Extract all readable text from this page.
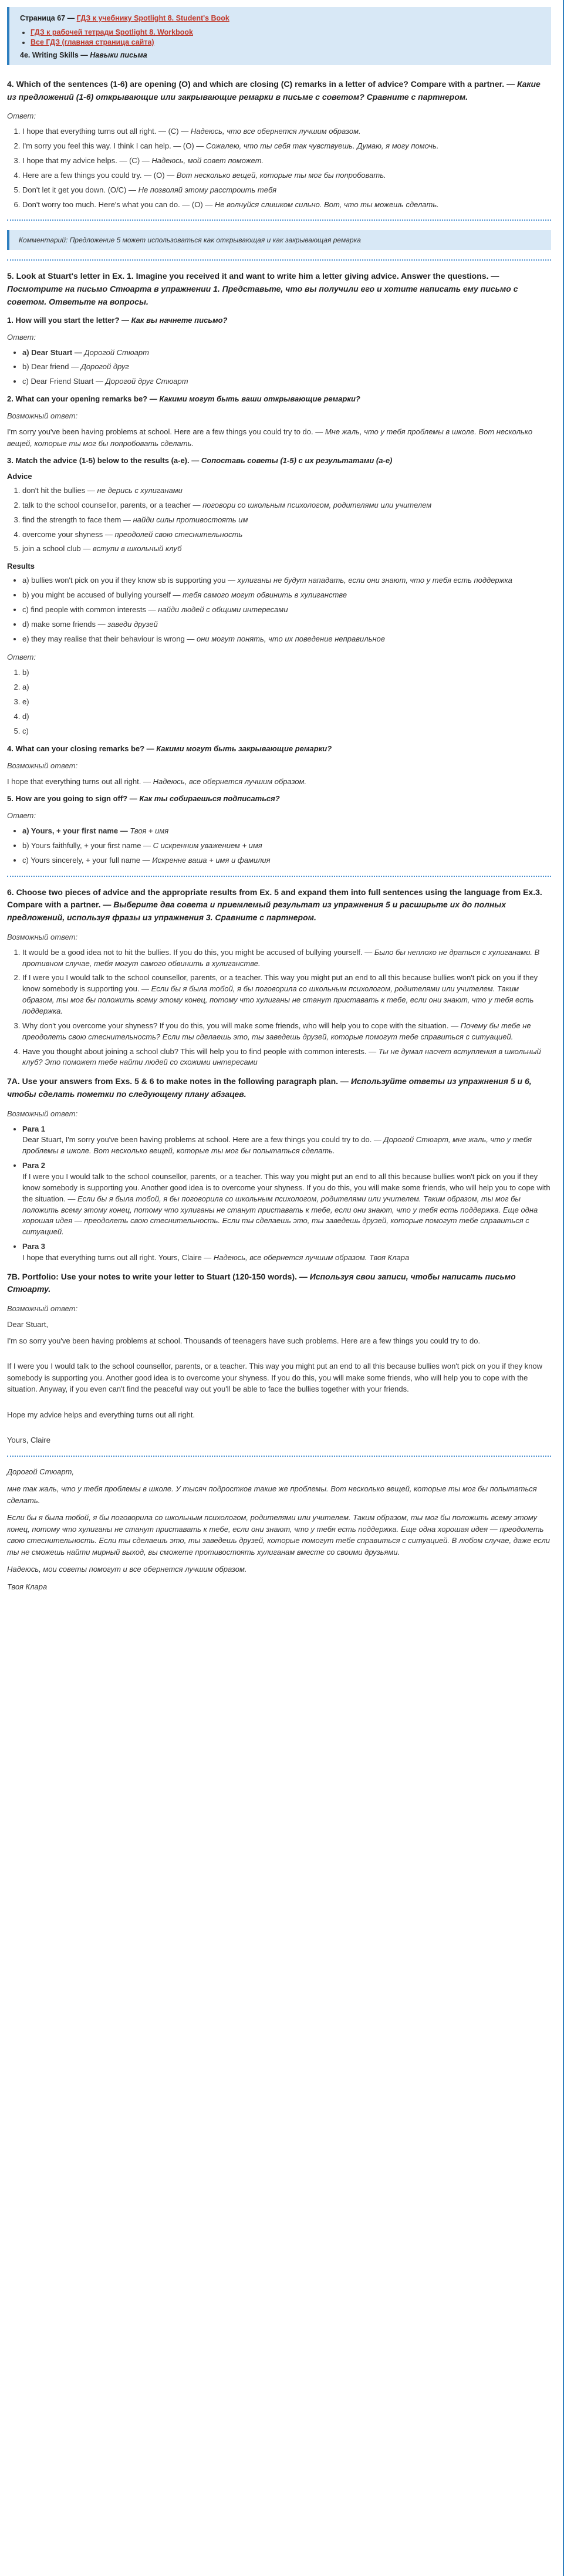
Страница 67 — ГДЗ к учебнику Spotlight 8. Student's Book
• ГДЗ к рабочей тетради Spotlight 8. Workbook
• Все ГДЗ (главная страница сайта)
4e. Writing Skills — Навыки письма
4. Which of the sentences (1-6) are opening (O) and which are closing (C) remarks in a letter of advice? Compare with a partner. — Какие из предложений (1-6) открывающие или закрывающие ремарки в письме с советом? Сравните с партнером.
Ответ:
1. I hope that everything turns out all right. — (C) — Надеюсь, что все обернется лучшим образом.
2. I'm sorry you feel this way. I think I can help. — (O) — Сожалею, что ты себя так чувствуешь. Думаю, я могу помочь.
3. I hope that my advice helps. — (C) — Надеюсь, мой совет поможет.
4. Here are a few things you could try. — (O) — Вот несколько вещей, которые ты мог бы попробовать.
5. Don't let it get you down. (O/C) — Не позволяй этому расстроить тебя
6. Don't worry too much. Here's what you can do. — (O) — Не волнуйся слишком сильно. Вот, что ты можешь сделать.
Комментарий: Предложение 5 может использоваться как открывающая и как закрывающая ремарка
5. Look at Stuart's letter in Ex. 1. Imagine you received it and want to write him a letter giving advice. Answer the questions. — Посмотрите на письмо Стюарта в упражнении 1. Представьте, что вы получили его и хотите написать ему письмо с советом. Ответьте на вопросы.
1. How will you start the letter? — Как вы начнете письмо?
Ответ:
• a) Dear Stuart — Дорогой Стюарт
• b) Dear friend — Дорогой друг
• c) Dear Friend Stuart — Дорогой друг Стюарт
2. What can your opening remarks be? — Какими могут быть ваши открывающие ремарки?
Возможный ответ:
I'm sorry you've been having problems at school. Here are a few things you could try to do. — Мне жаль, что у тебя проблемы в школе. Вот несколько вещей, которые ты мог бы попробовать сделать.
3. Match the advice (1-5) below to the results (a-e). — Сопоставь советы (1-5) с их результатами (a-e)
Advice
1. don't hit the bullies — не дерись с хулиганами
2. talk to the school counsellor, parents, or a teacher — поговори со школьным психологом, родителями или учителем
3. find the strength to face them — найди силы противостоять им
4. overcome your shyness — преодолей свою стеснительность
5. join a school club — вступи в школьный клуб
Results
• a) bullies won't pick on you if they know sb is supporting you — хулиганы не будут нападать, если они знают, что у тебя есть поддержка
• b) you might be accused of bullying yourself — тебя самого могут обвинить в хулиганстве
• c) find people with common interests — найди людей с общими интересами
• d) make some friends — заведи друзей
• e) they may realise that their behaviour is wrong — они могут понять, что их поведение неправильное
Ответ:
1. b)
2. a)
3. e)
4. d)
5. c)
4. What can your closing remarks be? — Какими могут быть закрывающие ремарки?
Возможный ответ:
I hope that everything turns out all right. — Надеюсь, все обернется лучшим образом.
5. How are you going to sign off? — Как ты собираешься подписаться?
Ответ:
• a) Yours, + your first name — Твоя + имя
• b) Yours faithfully, + your first name — С искренним уважением + имя
• c) Yours sincerely, + your full name — Искренне ваша + имя и фамилия
6. Choose two pieces of advice and the appropriate results from Ex. 5 and expand them into full sentences using the language from Ex.3. Compare with a partner. — Выберите два совета и приемлемый результат из упражнения 5 и расширьте их до полных предложений, используя фразы из упражнения 3. Сравните с партнером.
Возможный ответ:
1. It would be a good idea not to hit the bullies. If you do this, you might be accused of bullying yourself. — Было бы неплохо не драться с хулиганами. В противном случае, тебя могут самого обвинить в хулиганстве.
2. If I were you I would talk to the school counsellor, parents, or a teacher. This way you might put an end to all this because bullies won't pick on you if they know somebody is supporting you. — Если бы я была тобой, я бы поговорила со школьным психологом, родителями или учителем. Таким образом, ты мог бы положить всему этому конец, потому что хулиганы не станут приставать к тебе, если они знают, что у тебя есть поддержка.
3. Why don't you overcome your shyness? If you do this, you will make some friends, who will help you to cope with the situation. — Почему бы тебе не преодолеть свою стеснительность? Если ты сделаешь это, ты заведешь друзей, которые помогут тебе справиться с ситуацией.
4. Have you thought about joining a school club? This will help you to find people with common interests. — Ты не думал насчет вступления в школьный клуб? Это поможет тебе найти людей со схожими интересами
7A. Use your answers from Exs. 5 & 6 to make notes in the following paragraph plan. — Используйте ответы из упражнения 5 и 6, чтобы сделать пометки по следующему плану абзацев.
Возможный ответ:
• Para 1
Dear Stuart, I'm sorry you've been having problems at school. Here are a few things you could try to do. — Дорогой Стюарт, мне жаль, что у тебя проблемы в школе. Вот несколько вещей, которые ты мог бы попытаться сделать.
• Para 2
If I were you I would talk to the school counsellor, parents, or a teacher. This way you might put an end to all this because bullies won't pick on you if they know somebody is supporting you. Another good idea is to overcome your shyness. If you do this, you will make some friends, who will help you to cope with the situation. — Если бы я была тобой, я бы поговорила со школьным психологом, родителями или учителем. Таким образом, ты мог бы положить всему этому конец, потому что хулиганы не станут приставать к тебе, если они знают, что у тебя есть поддержка. Еще одна хорошая идея — преодолеть свою стеснительность. Если ты сделаешь это, ты заведешь друзей, которые помогут тебе справиться с ситуацией.
• Para 3
I hope that everything turns out all right. Yours, Claire — Надеюсь, все обернется лучшим образом. Твоя Клара
7B. Portfolio: Use your notes to write your letter to Stuart (120-150 words). — Используя свои записи, чтобы написать письмо Стюарту.
Возможный ответ:
Dear Stuart,
I'm so sorry you've been having problems at school. Thousands of teenagers have such problems. Here are a few things you could try to do.
If I were you I would talk to the school counsellor, parents, or a teacher. This way you might put an end to all this because bullies won't pick on you if they know somebody is supporting you. Another good idea is to overcome your shyness. If you do this, you will make some friends, who will help you to cope with the situation. Anyway, if you even can't find the peaceful way out you'll be able to face the bullies together with your friends.
Hope my advice helps and everything turns out all right.
Yours, Claire
Дорогой Стюарт,
мне так жаль, что у тебя проблемы в школе. У тысяч подростков такие же проблемы. Вот несколько вещей, которые ты мог бы попытаться сделать.
Если бы я была тобой, я бы поговорила со школьным психологом, родителями или учителем. Таким образом, ты мог бы положить всему этому конец, потому что хулиганы не станут приставать к тебе, если они знают, что у тебя есть поддержка. Еще одна хорошая идея — преодолеть свою стеснительность. Если ты сделаешь это, ты заведешь друзей, которые помогут тебе справиться с ситуацией. В любом случае, даже если ты не сможешь найти мирный выход, вы сможете противостоять хулиганам вместе со своими друзьями.
Надеюсь, мои советы помогут и все обернется лучшим образом.
Твоя Клара
